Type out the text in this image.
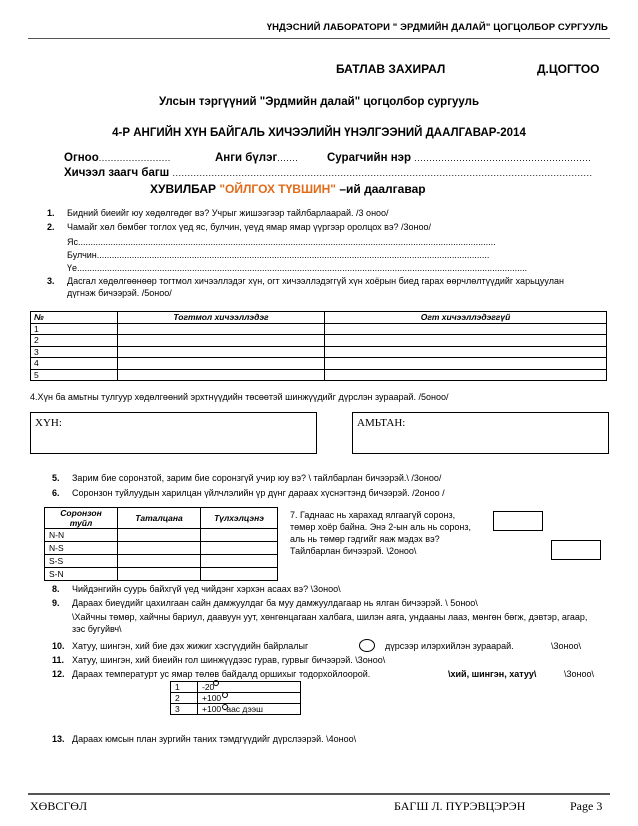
ҮНДЭСНИЙ ЛАБОРАТОРИ " ЭРДМИЙН ДАЛАЙ" ЦОГЦОЛБОР СУРГУУЛЬ
БАТЛАВ ЗАХИРАЛ	Д.ЦОГТОО
Улсын тэргүүний "Эрдмийн далай" цогцолбор сургууль
4-Р АНГИЙН ХҮН БАЙГАЛЬ ХИЧЭЭЛИЙН ҮНЭЛГЭЭНИЙ ДААЛГАВАР-2014
Огноо........................	Анги бүлэг....... Сурагчийн нэр ...........................................................
Хичээл заагч багш ............................................................................................................................................
ХУВИЛБАР "ОЙЛГОХ ТҮВШИН" –ий даалгавар
1. Бидний биеийг юу хөдөлгөдөг вэ? Учрыг жишээгээр тайлбарлаарай. /3 оноо/
2. Чамайг хөл бөмбөг тоглох үед яс, булчин, үеүд ямар ямар үүргээр оролцох вэ? /3оноо/
Яс.......................................................................................................................................................................
Булчин.............................................................................................................................................................
Үе....................................................................................................................................................................................
3.	Дасгал хөдөлгөөнөөр тогтмол хичээллэдэг хүн, огт хичээллэдэггүй хүн хоёрын биед гарах өөрчлөлтүүдийг харьцуулан дүгнэж бичээрэй. /5оноо/
№	Тогтмол хичээллэдэг	Огт хичээллэдэггүй
1		
2		
3		
4		
5		
4.Хүн ба амьтны тулгуур хөдөлгөөний эрхтнүүдийн төсөөтэй шинжүүдийг дүрслэн зураарай. /5оноо/
ХҮН:	АМЬТАН:
5. Зарим бие соронзтой, зарим бие соронзгүй учир юу вэ? \ тайлбарлан бичээрэй.\ /3оноо/
6. Соронзон туйлуудын харилцан үйлчлэлийн үр дүнг дараах хүснэгтэнд бичээрэй. /2оноо /
Соронзон туйл	Таталцана	Түлхэлцэнэ
N-N		
N-S		
S-S		
S-N		
7. Гаднаас нь харахад ялгаагүй соронз, төмөр хоёр байна. Энэ 2-ын аль нь соронз, аль нь төмөр гэдгийг яаж мэдэх вэ? Тайлбарлан бичээрэй. \2оноо\
8. Чийдэнгийн суурь байхгүй үед чийдэнг хэрхэн асаах вэ? \3оноо\
9. Дараах биеүдийг цахилгаан сайн дамжуулдаг ба муу дамжуулдагаар нь ялган бичээрэй. \ 5оноо\
\Хайчны төмөр, хайчны бариул, даавуун уут, хөнгөнцагаан халбага, шилэн аяга, ундааны лааз, мөнгөн бөгж, дэвтэр, агаар, зэс бугуйвч\
10. Хатуу, шингэн, хий бие дэх жижиг хэсгүүдийн байрлалыг	дүрсээр илэрхийлэн зураарай.	\3оноо\
11. Хатуу, шингэн, хий биеийн гол шинжүүдээс гурав, гурвыг бичээрэй. \3оноо\
12. Дараах температурт ус ямар төлөв байдалд оршихыг тодорхойлоорой.	\хий, шингэн, хатуу\	\3оноо\
1	-20
2	+100
3	+100 -аас дээш
13. Дараах юмсын план зургийн таних тэмдгүүдийг дүрслээрэй. \4оноо\
ХӨВСГӨЛ	БАГШ Л. ПҮРЭВЦЭРЭН	Page 3
